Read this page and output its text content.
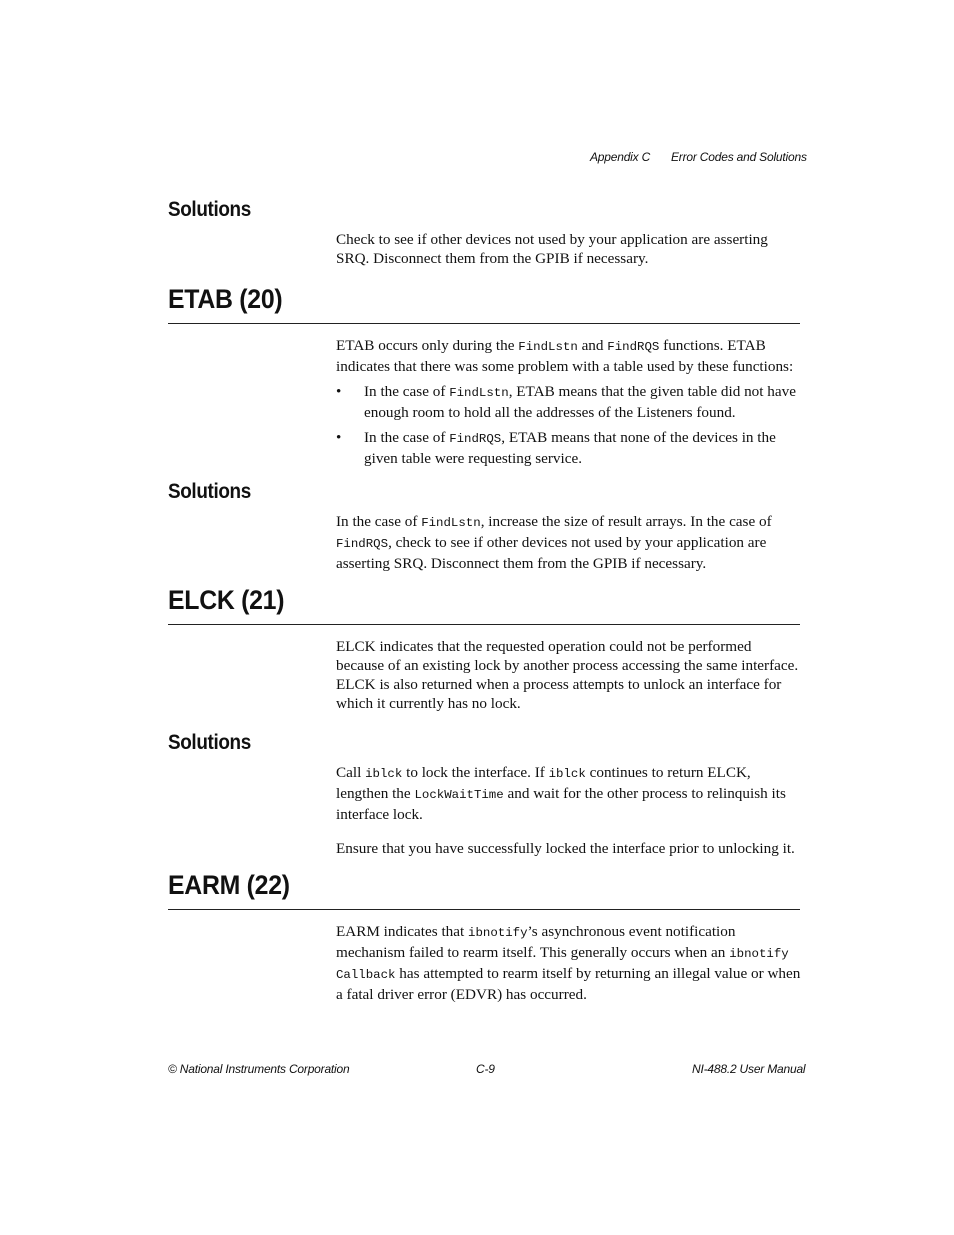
Appendix C Error Codes and Solutions
Solutions

Check to see if other devices not used by your application are asserting SRQ. Disconnect them from the GPIB if necessary.

ETAB (20)

ETAB occurs only during the FindLstn and FindRQS functions. ETAB indicates that there was some problem with a table used by these functions:

• In the case of FindLstn, ETAB means that the given table did not have enough room to hold all the addresses of the Listeners found.
• In the case of FindRQS, ETAB means that none of the devices in the given table were requesting service.
Solutions

In the case of FindLstn, increase the size of result arrays. In the case of FindRQS, check to see if other devices not used by your application are asserting SRQ. Disconnect them from the GPIB if necessary.

ELCK (21)

ELCK indicates that the requested operation could not be performed because of an existing lock by another process accessing the same interface. ELCK is also returned when a process attempts to unlock an interface for which it currently has no lock.

Solutions

Call iblck to lock the interface. If iblck continues to return ELCK, lengthen the LockWaitTime and wait for the other process to relinquish its interface lock.

Ensure that you have successfully locked the interface prior to unlocking it.

EARM (22)

EARM indicates that ibnotify’s asynchronous event notification mechanism failed to rearm itself. This generally occurs when an ibnotify Callback has attempted to rearm itself by returning an illegal value or when a fatal driver error (EDVR) has occurred.

© National Instruments Corporation	C-9	NI-488.2 User Manual
